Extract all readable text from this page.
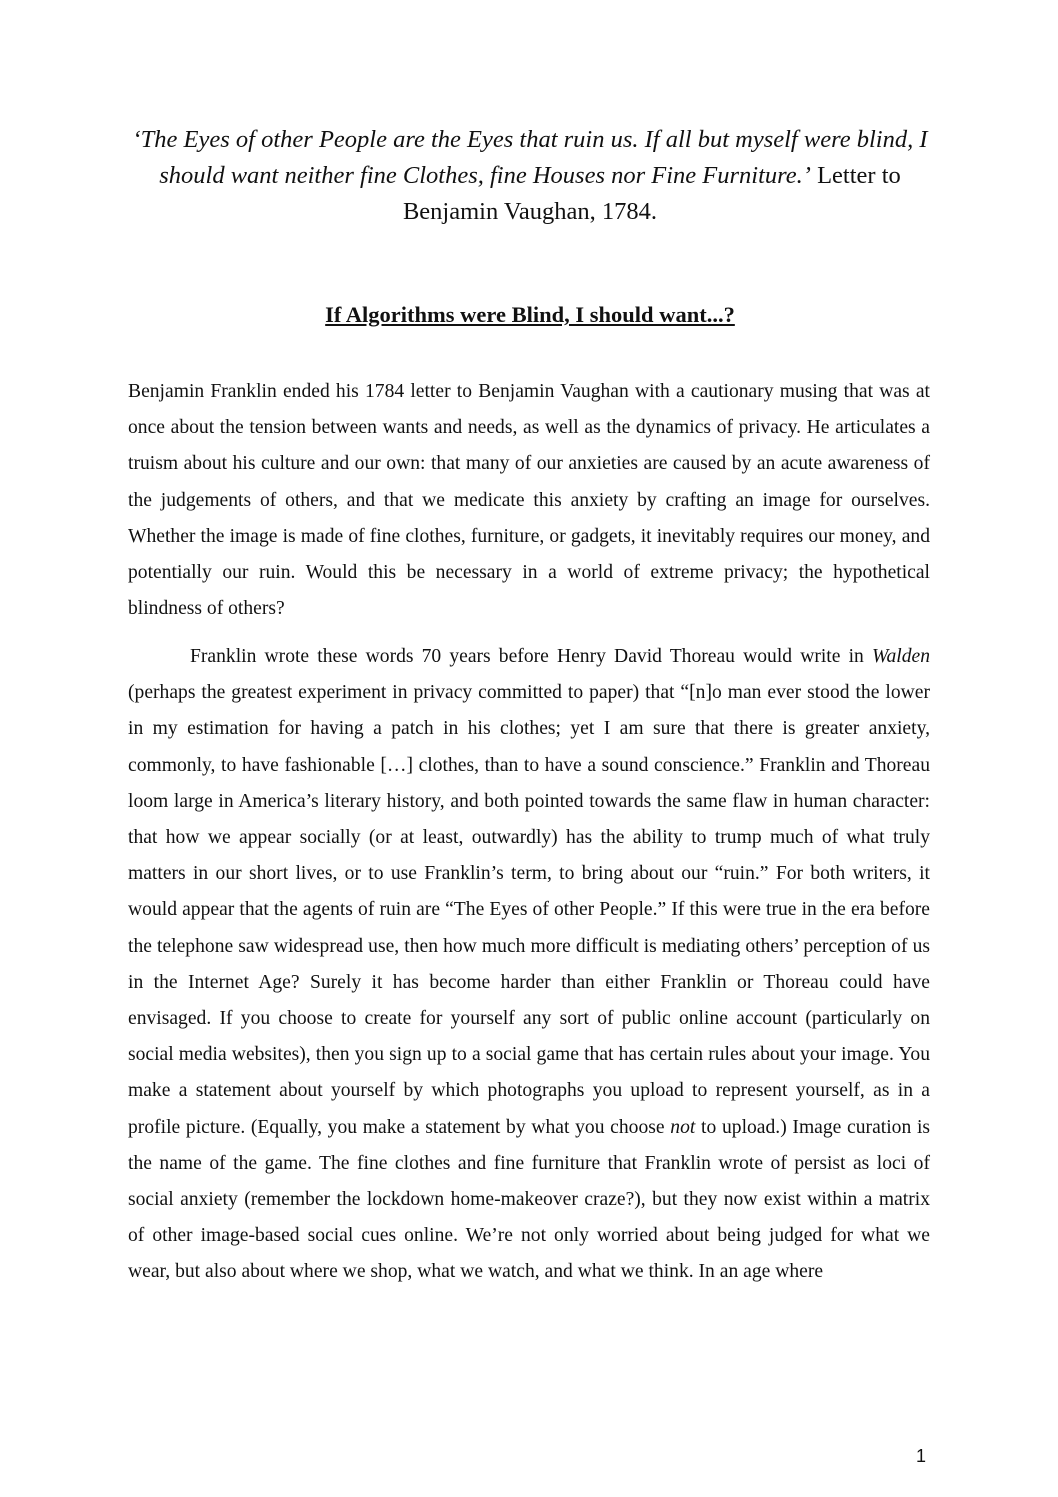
‘The Eyes of other People are the Eyes that ruin us. If all but myself were blind, I should want neither fine Clothes, fine Houses nor Fine Furniture.’ Letter to Benjamin Vaughan, 1784.
If Algorithms were Blind, I should want...?

Benjamin Franklin ended his 1784 letter to Benjamin Vaughan with a cautionary musing that was at once about the tension between wants and needs, as well as the dynamics of privacy. He articulates a truism about his culture and our own: that many of our anxieties are caused by an acute awareness of the judgements of others, and that we medicate this anxiety by crafting an image for ourselves. Whether the image is made of fine clothes, furniture, or gadgets, it inevitably requires our money, and potentially our ruin. Would this be necessary in a world of extreme privacy; the hypothetical blindness of others?

Franklin wrote these words 70 years before Henry David Thoreau would write in Walden (perhaps the greatest experiment in privacy committed to paper) that “[n]o man ever stood the lower in my estimation for having a patch in his clothes; yet I am sure that there is greater anxiety, commonly, to have fashionable […] clothes, than to have a sound conscience.” Franklin and Thoreau loom large in America’s literary history, and both pointed towards the same flaw in human character: that how we appear socially (or at least, outwardly) has the ability to trump much of what truly matters in our short lives, or to use Franklin’s term, to bring about our “ruin.” For both writers, it would appear that the agents of ruin are “The Eyes of other People.” If this were true in the era before the telephone saw widespread use, then how much more difficult is mediating others’ perception of us in the Internet Age? Surely it has become harder than either Franklin or Thoreau could have envisaged. If you choose to create for yourself any sort of public online account (particularly on social media websites), then you sign up to a social game that has certain rules about your image. You make a statement about yourself by which photographs you upload to represent yourself, as in a profile picture. (Equally, you make a statement by what you choose not to upload.) Image curation is the name of the game. The fine clothes and fine furniture that Franklin wrote of persist as loci of social anxiety (remember the lockdown home-makeover craze?), but they now exist within a matrix of other image-based social cues online. We’re not only worried about being judged for what we wear, but also about where we shop, what we watch, and what we think. In an age where

1
